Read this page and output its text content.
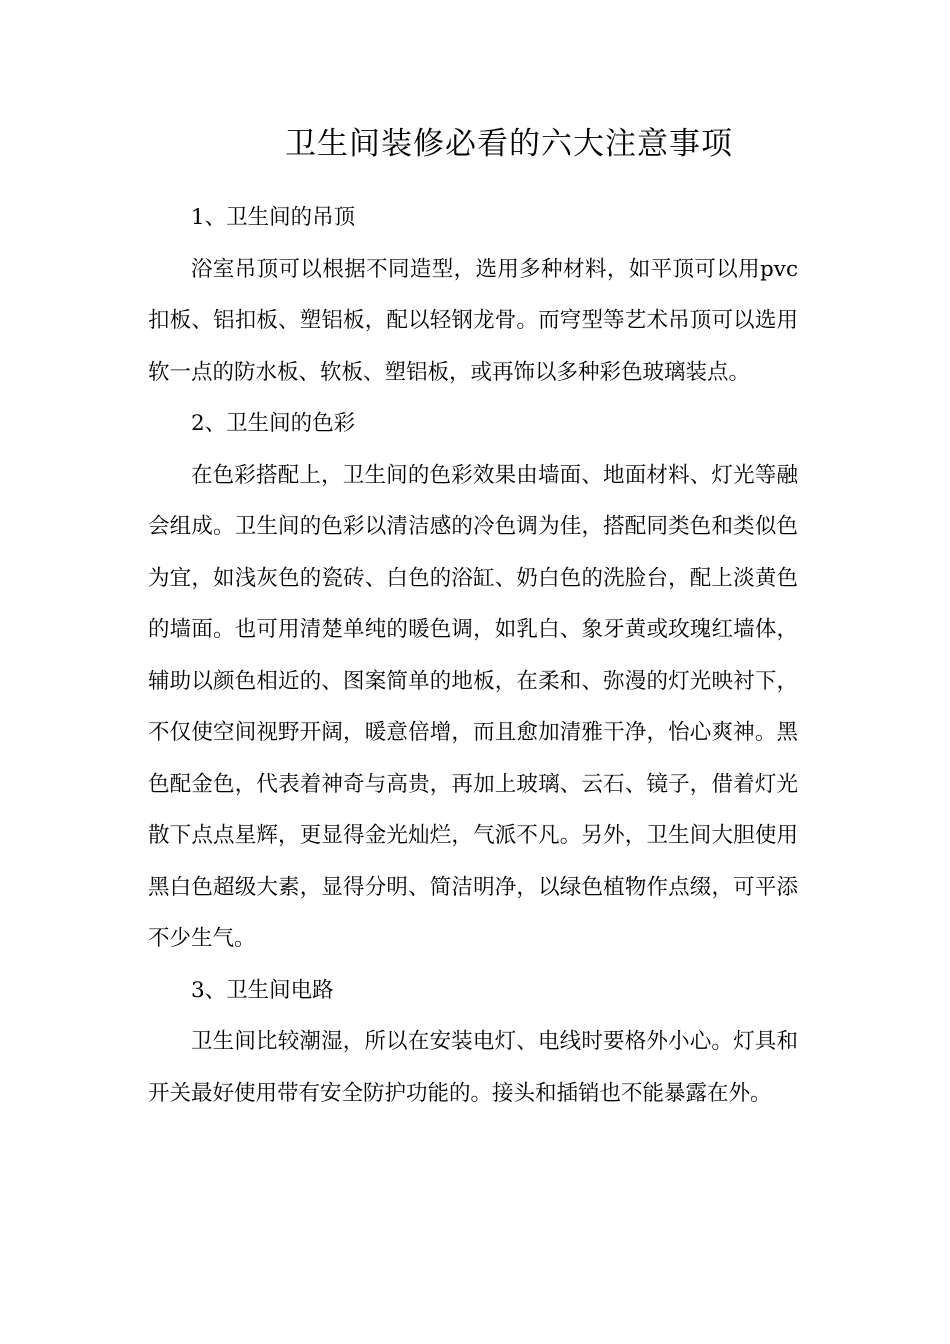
卫生间装修必看的六大注意事项

1、卫生间的吊顶

浴室吊顶可以根据不同造型，选用多种材料，如平顶可以用pvc扣板、铝扣板、塑铝板，配以轻钢龙骨。而穹型等艺术吊顶可以选用软一点的防水板、软板、塑铝板，或再饰以多种彩色玻璃装点。

2、卫生间的色彩

在色彩搭配上，卫生间的色彩效果由墙面、地面材料、灯光等融会组成。卫生间的色彩以清洁感的冷色调为佳，搭配同类色和类似色为宜，如浅灰色的瓷砖、白色的浴缸、奶白色的洗脸台，配上淡黄色的墙面。也可用清楚单纯的暖色调，如乳白、象牙黄或玫瑰红墙体，辅助以颜色相近的、图案简单的地板，在柔和、弥漫的灯光映衬下，不仅使空间视野开阔，暖意倍增，而且愈加清雅干净，怡心爽神。黑色配金色，代表着神奇与高贵，再加上玻璃、云石、镜子，借着灯光散下点点星辉，更显得金光灿烂，气派不凡。另外，卫生间大胆使用黑白色超级大素，显得分明、简洁明净，以绿色植物作点缀，可平添不少生气。

3、卫生间电路

卫生间比较潮湿，所以在安装电灯、电线时要格外小心。灯具和开关最好使用带有安全防护功能的。接头和插销也不能暴露在外。
